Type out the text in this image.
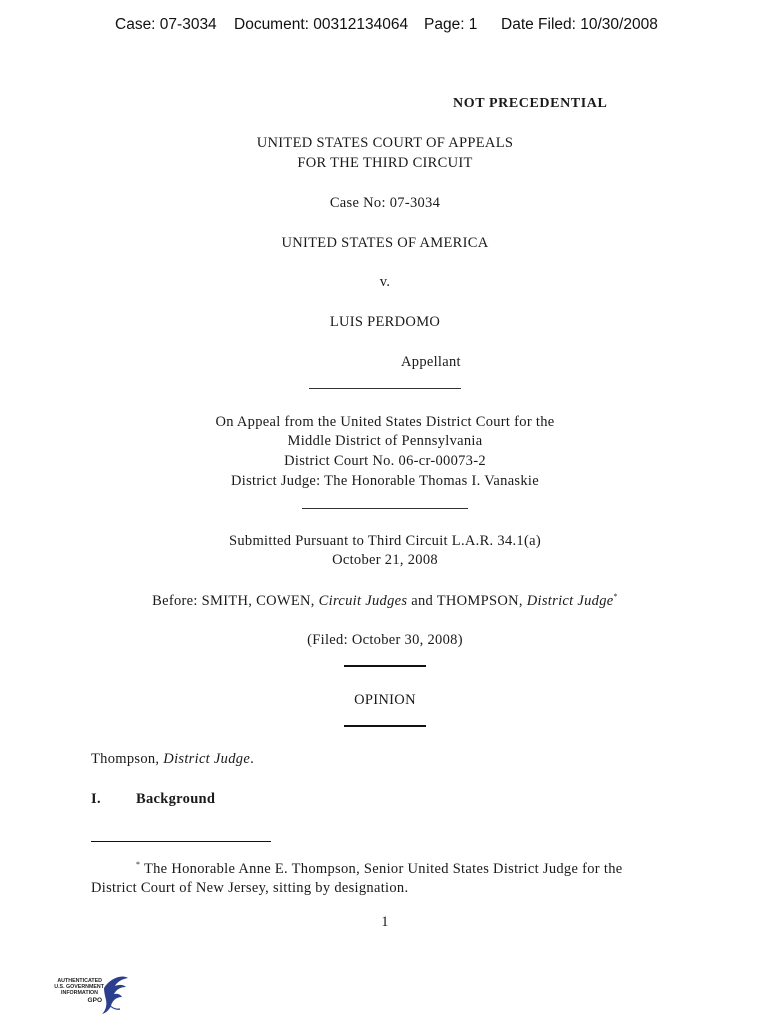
Case: 07-3034 Document: 00312134064 Page: 1 Date Filed: 10/30/2008
NOT PRECEDENTIAL
UNITED STATES COURT OF APPEALS
FOR THE THIRD CIRCUIT
Case No: 07-3034
UNITED STATES OF AMERICA
v.
LUIS PERDOMO
Appellant
On Appeal from the United States District Court for the
Middle District of Pennsylvania
District Court No. 06-cr-00073-2
District Judge: The Honorable Thomas I. Vanaskie
Submitted Pursuant to Third Circuit L.A.R. 34.1(a)
October 21, 2008
Before: SMITH, COWEN, Circuit Judges and THOMPSON, District Judge*
(Filed: October 30, 2008)
OPINION
Thompson, District Judge.
I. Background
* The Honorable Anne E. Thompson, Senior United States District Judge for the
District Court of New Jersey, sitting by designation.
1
AUTHENTICATED
U.S. GOVERNMENT
INFORMATION
GPO
